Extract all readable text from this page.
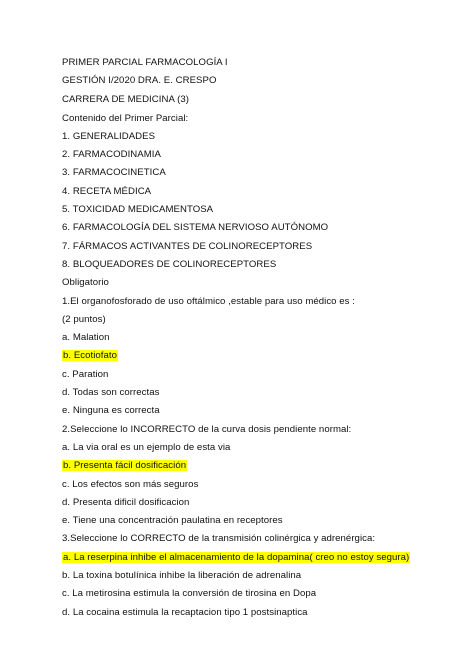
PRIMER PARCIAL FARMACOLOGÍA I
GESTIÓN I/2020 DRA. E. CRESPO
CARRERA DE MEDICINA (3)
Contenido del Primer Parcial:
1. GENERALIDADES
2. FARMACODINAMIA
3. FARMACOCINETICA
4. RECETA MÉDICA
5. TOXICIDAD MEDICAMENTOSA
6. FARMACOLOGÍA DEL SISTEMA NERVIOSO AUTÓNOMO
7. FÁRMACOS ACTIVANTES DE COLINORECEPTORES
8. BLOQUEADORES DE COLINORECEPTORES
Obligatorio
1.El organofosforado de uso oftálmico ,estable para uso médico es :
(2 puntos)
a. Malation
b. Ecotiofato
c. Paration
d. Todas son correctas
e. Ninguna es correcta
2.Seleccione lo INCORRECTO de la curva dosis pendiente normal:
a. La via oral es un ejemplo de esta via
b. Presenta fácil dosificación
c. Los efectos son más seguros
d. Presenta dificil dosificacion
e. Tiene una concentración paulatina en receptores
3.Seleccione lo CORRECTO de la transmisión colinérgica y adrenérgica:
a. La reserpina inhibe el almacenamiento de la dopamina( creo no estoy segura)
b. La toxina botulínica inhibe la liberación de adrenalina
c. La metirosina estimula la conversión de tirosina en Dopa
d. La cocaina estimula la recaptacion tipo 1 postsinaptica
